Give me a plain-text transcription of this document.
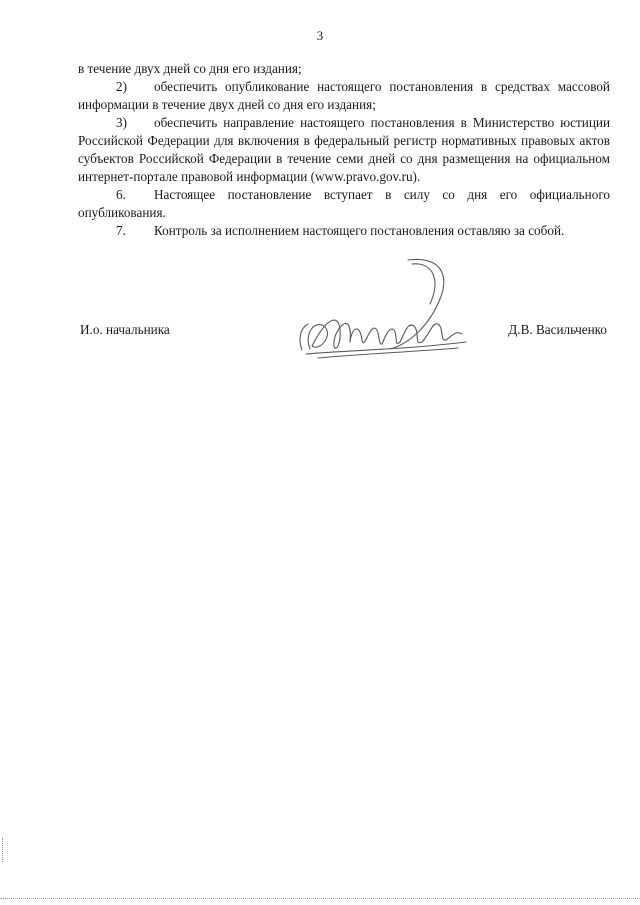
3

в течение двух дней со дня его издания;

2) обеспечить опубликование настоящего постановления в средствах массовой информации в течение двух дней со дня его издания;

3) обеспечить направление настоящего постановления в Министерство юстиции Российской Федерации для включения в федеральный регистр нормативных правовых актов субъектов Российской Федерации в течение семи дней со дня размещения на официальном интернет-портале правовой информации (www.pravo.gov.ru).

6. Настоящее постановление вступает в силу со дня его официального опубликования.

7. Контроль за исполнением настоящего постановления оставляю за собой.

И.о. начальника	Д.В. Васильченко
